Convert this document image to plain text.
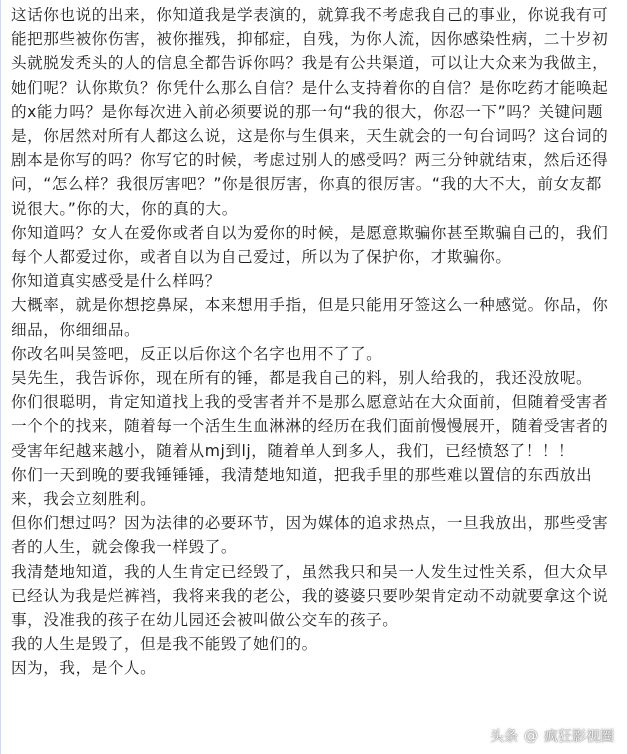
这话你也说的出来，你知道我是学表演的，就算我不考虑我自己的事业，你说我有可能把那些被你伤害，被你摧残，抑郁症，自残，为你人流，因你感染性病，二十岁初头就脱发秃头的人的信息全都告诉你吗？我是有公共渠道，可以让大众来为我做主，她们呢？认你欺负？你凭什么那么自信？是什么支持着你的自信？是你吃药才能唤起的x能力吗？是你每次进入前必须要说的那一句“我的很大，你忍一下”吗？关键问题是，你居然对所有人都这么说，这是你与生俱来，天生就会的一句台词吗？这台词的剧本是你写的吗？你写它的时候，考虑过别人的感受吗？两三分钟就结束，然后还得问，“怎么样？我很厉害吧？”你是很厉害，你真的很厉害。“我的大不大，前女友都说很大。”你的大，你的真的大。

你知道吗？女人在爱你或者自以为爱你的时候，是愿意欺骗你甚至欺骗自己的，我们每个人都爱过你，或者自以为自己爱过，所以为了保护你，才欺骗你。

你知道真实感受是什么样吗？

大概率，就是你想挖鼻屎，本来想用手指，但是只能用牙签这么一种感觉。你品，你细品，你细细品。

你改名叫吴签吧，反正以后你这个名字也用不了了。

吴先生，我告诉你，现在所有的锤，都是我自己的料，别人给我的，我还没放呢。

你们很聪明，肯定知道找上我的受害者并不是那么愿意站在大众面前，但随着受害者一个个的找来，随着每一个活生生血淋淋的经历在我们面前慢慢展开，随着受害者的受害年纪越来越小，随着从mj到lj，随着单人到多人，我们，已经愤怒了！！！

你们一天到晚的要我锤锤锤，我清楚地知道，把我手里的那些难以置信的东西放出来，我会立刻胜利。

但你们想过吗？因为法律的必要环节，因为媒体的追求热点，一旦我放出，那些受害者的人生，就会像我一样毁了。

我清楚地知道，我的人生肯定已经毁了，虽然我只和吴一人发生过性关系，但大众早已经认为我是烂裤裆，我将来我的老公，我的婆婆只要吵架肯定动不动就要拿这个说事，没准我的孩子在幼儿园还会被叫做公交车的孩子。

我的人生是毁了，但是我不能毁了她们的。

因为，我，是个人。

头条 @ 疯狂影视圈
